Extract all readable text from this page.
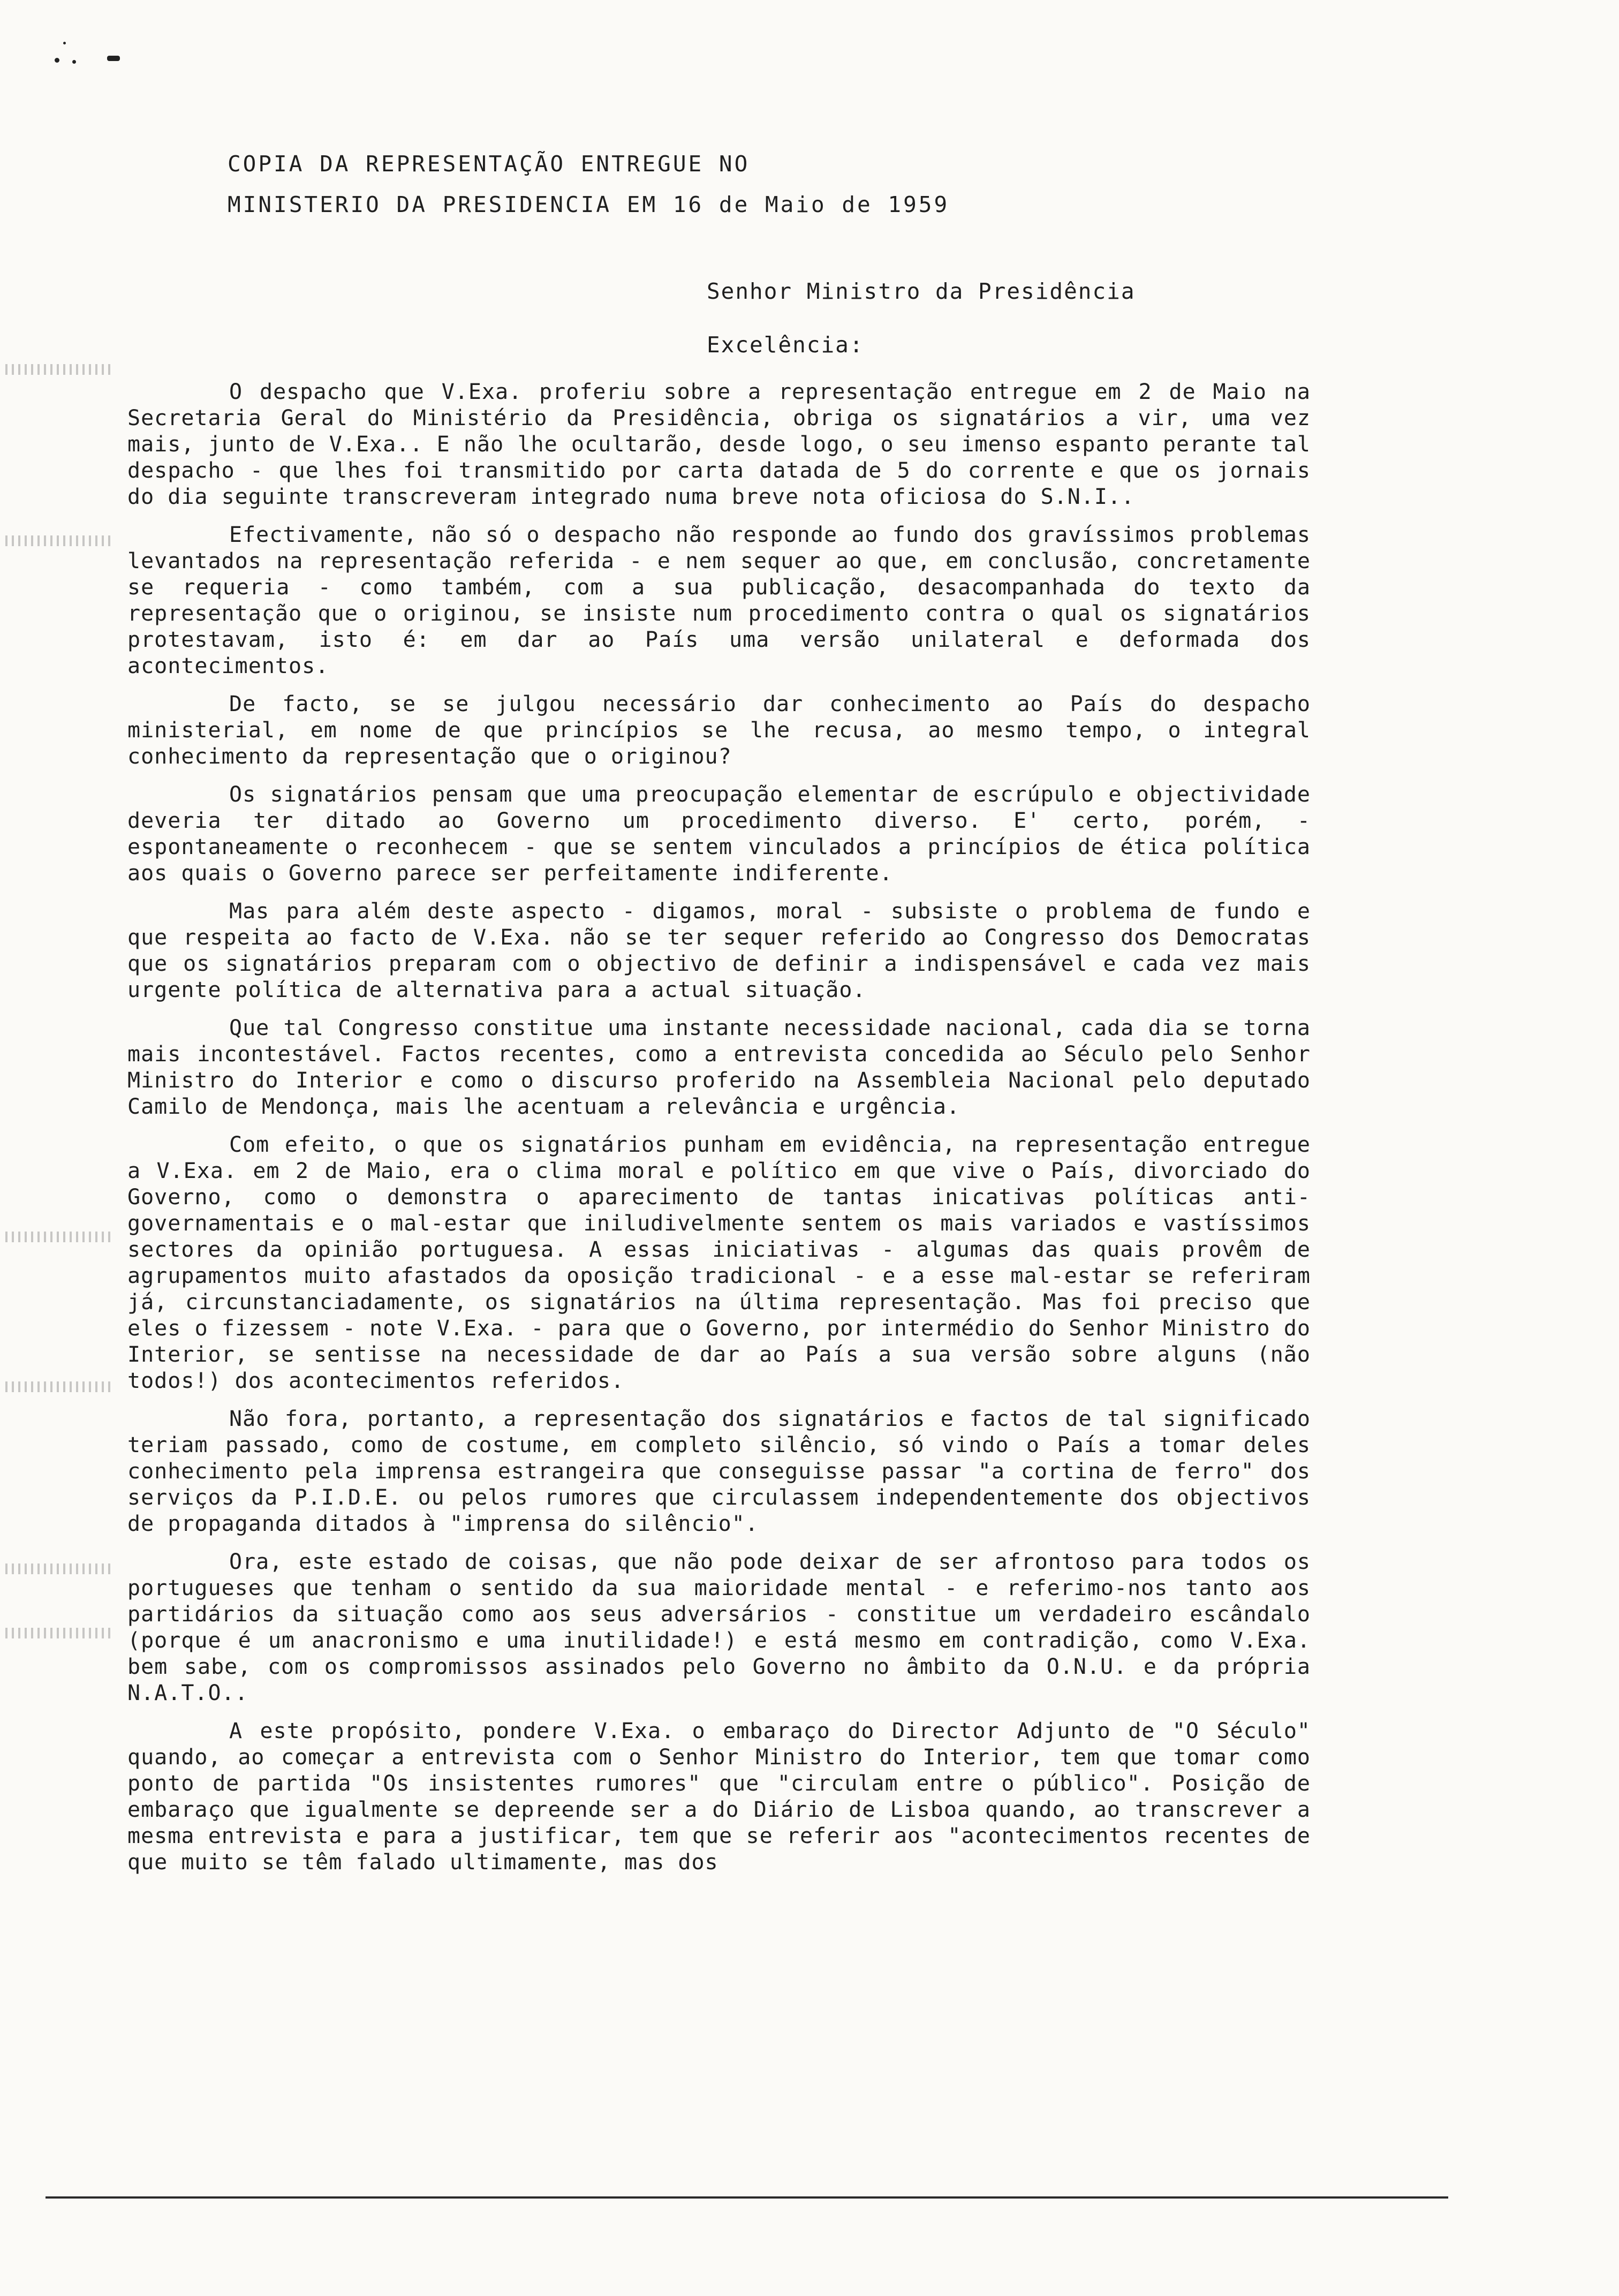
COPIA DA REPRESENTAÇÃO ENTREGUE NO
MINISTERIO DA PRESIDENCIA EM 16 de Maio de 1959
Senhor Ministro da Presidência
Excelência:

O despacho que V.Exa. proferiu sobre a representação entregue em 2 de Maio na Secretaria Geral do Ministério da Presidência, obriga os signatários a vir, uma vez mais, junto de V.Exa.. E não lhe ocultarão, desde logo, o seu imenso espanto perante tal despacho - que lhes foi transmitido por carta datada de 5 do corrente e que os jornais do dia seguinte transcreveram integrado numa breve nota oficiosa do S.N.I..

Efectivamente, não só o despacho não responde ao fundo dos gravíssimos problemas levantados na representação referida - e nem sequer ao que, em conclusão, concretamente se requeria - como também, com a sua publicação, desacompanhada do texto da representação que o originou, se insiste num procedimento contra o qual os signatários protestavam, isto é: em dar ao País uma versão unilateral e deformada dos acontecimentos.

De facto, se se julgou necessário dar conhecimento ao País do despacho ministerial, em nome de que princípios se lhe recusa, ao mesmo tempo, o integral conhecimento da representação que o originou?

Os signatários pensam que uma preocupação elementar de escrúpulo e objectividade deveria ter ditado ao Governo um procedimento diverso. E' certo, porém, - espontaneamente o reconhecem - que se sentem vinculados a princípios de ética política aos quais o Governo parece ser perfeitamente indiferente.

Mas para além deste aspecto - digamos, moral - subsiste o problema de fundo e que respeita ao facto de V.Exa. não se ter sequer referido ao Congresso dos Democratas que os signatários preparam com o objectivo de definir a indispensável e cada vez mais urgente política de alternativa para a actual situação.

Que tal Congresso constitue uma instante necessidade nacional, cada dia se torna mais incontestável. Factos recentes, como a entrevista concedida ao Século pelo Senhor Ministro do Interior e como o discurso proferido na Assembleia Nacional pelo deputado Camilo de Mendonça, mais lhe acentuam a relevância e urgência.

Com efeito, o que os signatários punham em evidência, na representação entregue a V.Exa. em 2 de Maio, era o clima moral e político em que vive o País, divorciado do Governo, como o demonstra o aparecimento de tantas inicativas políticas anti-governamentais e o mal-estar que iniludivelmente sentem os mais variados e vastíssimos sectores da opinião portuguesa. A essas iniciativas - algumas das quais provêm de agrupamentos muito afastados da oposição tradicional - e a esse mal-estar se referiram já, circunstanciadamente, os signatários na última representação. Mas foi preciso que eles o fizessem - note V.Exa. - para que o Governo, por intermédio do Senhor Ministro do Interior, se sentisse na necessidade de dar ao País a sua versão sobre alguns (não todos!) dos acontecimentos referidos.

Não fora, portanto, a representação dos signatários e factos de tal significado teriam passado, como de costume, em completo silêncio, só vindo o País a tomar deles conhecimento pela imprensa estrangeira que conseguisse passar "a cortina de ferro" dos serviços da P.I.D.E. ou pelos rumores que circulassem independentemente dos objectivos de propaganda ditados à "imprensa do silêncio".

Ora, este estado de coisas, que não pode deixar de ser afrontoso para todos os portugueses que tenham o sentido da sua maioridade mental - e referimo-nos tanto aos partidários da situação como aos seus adversários - constitue um verdadeiro escândalo (porque é um anacronismo e uma inutilidade!) e está mesmo em contradição, como V.Exa. bem sabe, com os compromissos assinados pelo Governo no âmbito da O.N.U. e da própria N.A.T.O..

A este propósito, pondere V.Exa. o embaraço do Director Adjunto de "O Século" quando, ao começar a entrevista com o Senhor Ministro do Interior, tem que tomar como ponto de partida "Os insistentes rumores" que "circulam entre o público". Posição de embaraço que igualmente se depreende ser a do Diário de Lisboa quando, ao transcrever a mesma entrevista e para a justificar, tem que se referir aos "acontecimentos recentes de que muito se têm falado ultimamente, mas dos
